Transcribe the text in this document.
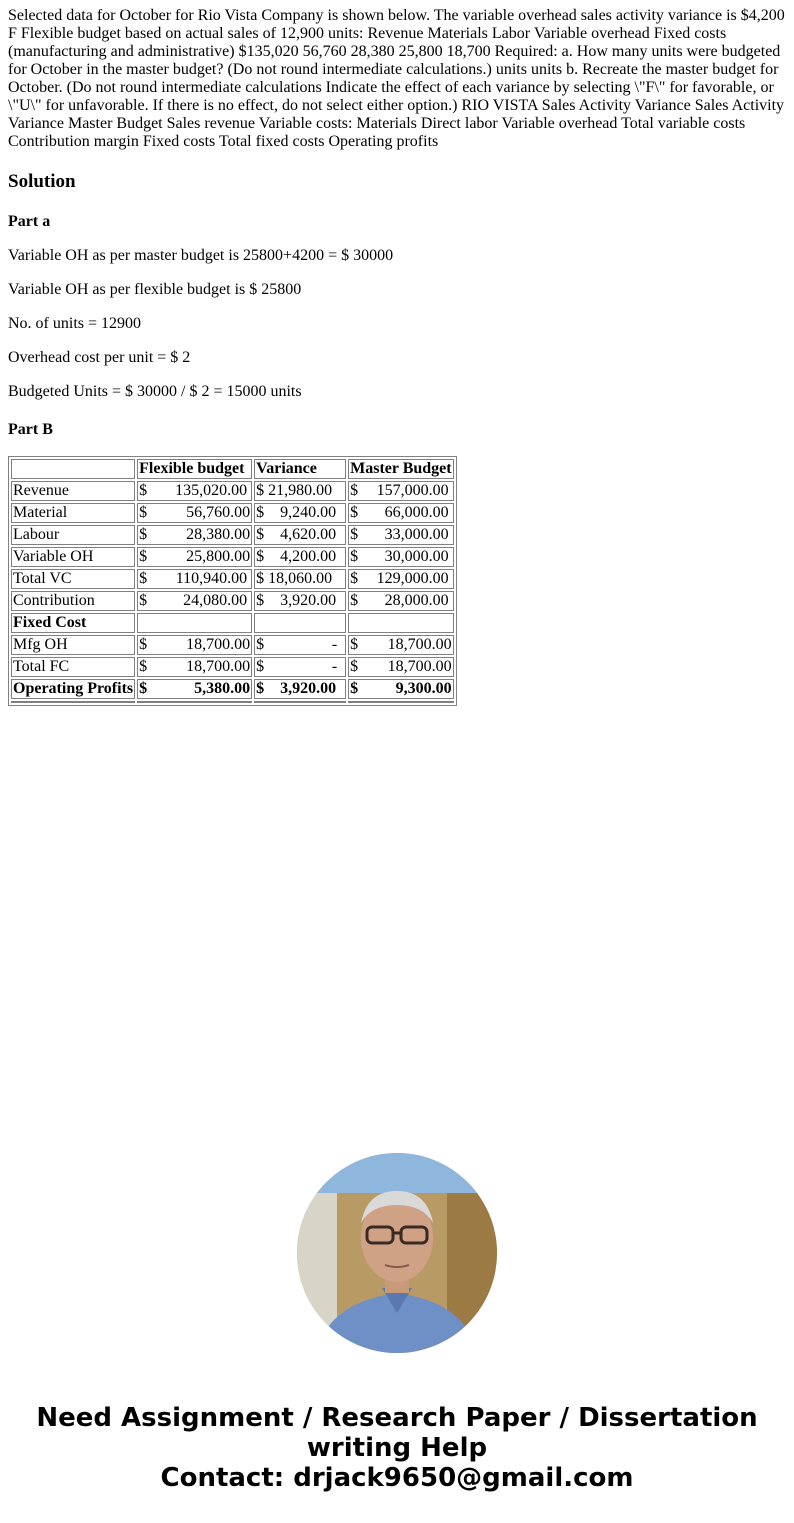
Selected data for October for Rio Vista Company is shown below. The variable overhead sales activity variance is $4,200 F Flexible budget based on actual sales of 12,900 units: Revenue Materials Labor Variable overhead Fixed costs (manufacturing and administrative) $135,020 56,760 28,380 25,800 18,700 Required: a. How many units were budgeted for October in the master budget? (Do not round intermediate calculations.) units units b. Recreate the master budget for October. (Do not round intermediate calculations Indicate the effect of each variance by selecting \"F\" for favorable, or \"U\" for unfavorable. If there is no effect, do not select either option.) RIO VISTA Sales Activity Variance Sales Activity Variance Master Budget Sales revenue Variable costs: Materials Direct labor Variable overhead Total variable costs Contribution margin Fixed costs Total fixed costs Operating profits

Solution
Part a

Variable OH as per master budget is 25800+4200 = $ 30000

Variable OH as per flexible budget is $ 25800

No. of units = 12900

Overhead cost per unit = $ 2

Budgeted Units = $ 30000 / $ 2 = 15000 units

Part B
	Flexible budget	Variance	Master Budget
Revenue	$ 135,020.00	$ 21,980.00	$ 157,000.00

Material	$ 56,760.00	$ 9,240.00	$ 66,000.00

Labour	$ 28,380.00	$ 4,620.00	$ 33,000.00

Variable OH	$ 25,800.00	$ 4,200.00	$ 30,000.00

Total VC	$ 110,940.00	$ 18,060.00	$ 129,000.00

Contribution	$ 24,080.00	$ 3,920.00	$ 28,000.00

Fixed Cost	

Mfg OH	$ 18,700.00	$ -	$ 18,700.00

Total FC	$ 18,700.00	$ -	$ 18,700.00

Operating Profits	$ 5,380.00	$ 3,920.00	$ 9,300.00

Need Assignment / Research Paper / Dissertation writing Help
Contact: drjack9650@gmail.com
